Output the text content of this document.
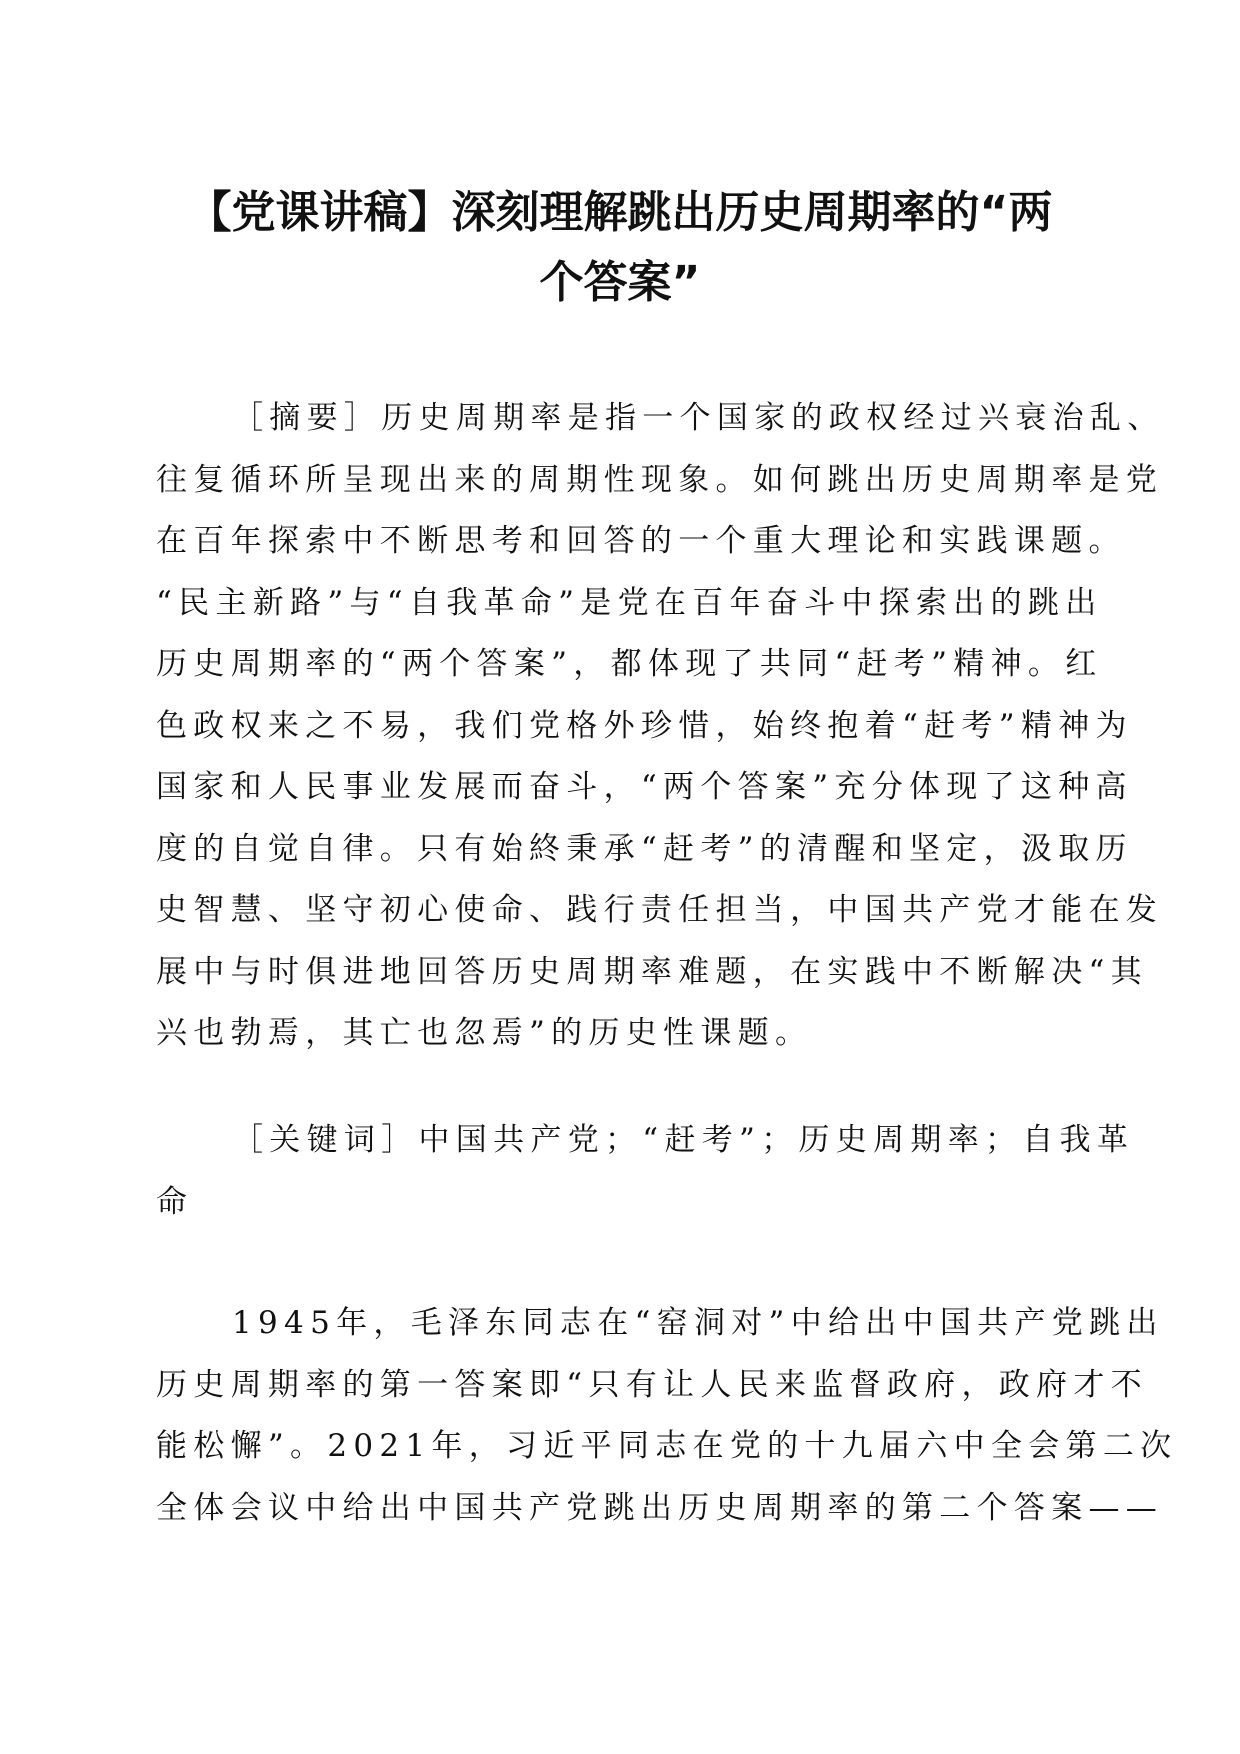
【党课讲稿】深刻理解跳出历史周期率的“两
个答案”
［摘要］历史周期率是指一个国家的政权经过兴衰治乱、
往复循环所呈现出来的周期性现象。如何跳出历史周期率是党
在百年探索中不断思考和回答的一个重大理论和实践课题。
“民主新路”与“自我革命”是党在百年奋斗中探索出的跳出
历史周期率的“两个答案”，都体现了共同“赶考”精神。红
色政权来之不易，我们党格外珍惜，始终抱着“赶考”精神为
国家和人民事业发展而奋斗，“两个答案”充分体现了这种高
度的自觉自律。只有始終秉承“赶考”的清醒和坚定，汲取历
史智慧、坚守初心使命、践行责任担当，中国共产党才能在发
展中与时俱进地回答历史周期率难题，在实践中不断解决“其
兴也勃焉，其亡也忽焉”的历史性课题。
［关键词］中国共产党；“赶考”；历史周期率；自我革
命
1945年，毛泽东同志在“窑洞对”中给出中国共产党跳出
历史周期率的第一答案即“只有让人民来监督政府，政府才不
能松懈”。2021年，习近平同志在党的十九届六中全会第二次
全体会议中给出中国共产党跳出历史周期率的第二个答案——
